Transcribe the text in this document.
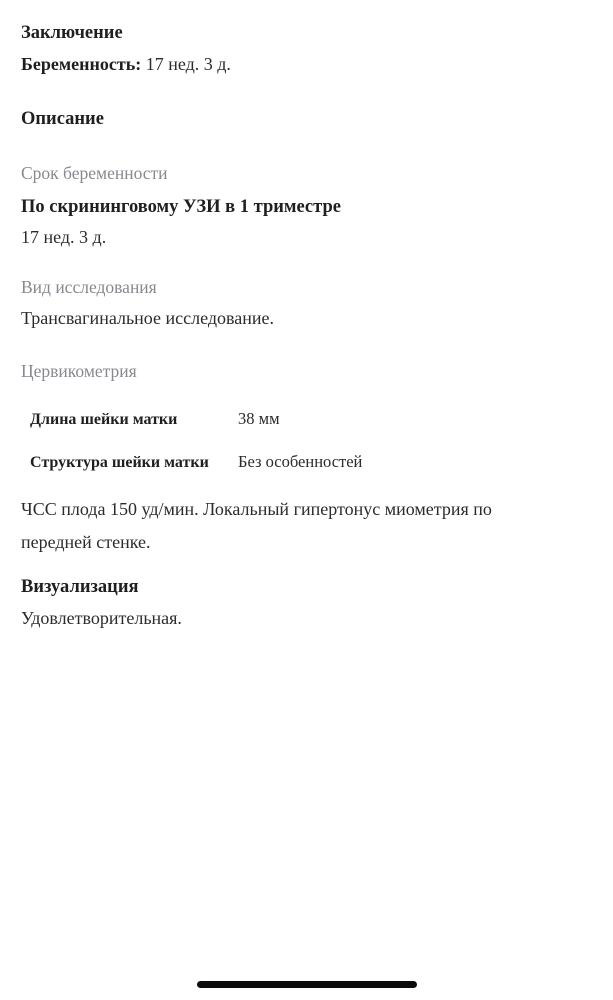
Заключение

Беременность: 17 нед. 3 д.

Описание

Срок беременности

По скрининговому УЗИ в 1 триместре

17 нед. 3 д.

Вид исследования

Трансвагинальное исследование.

Цервикометрия

Длина шейки матки	38 мм
Структура шейки матки	Без особенностей

ЧСС плода 150 уд/мин. Локальный гипертонус миометрия по передней стенке.

Визуализация

Удовлетворительная.
